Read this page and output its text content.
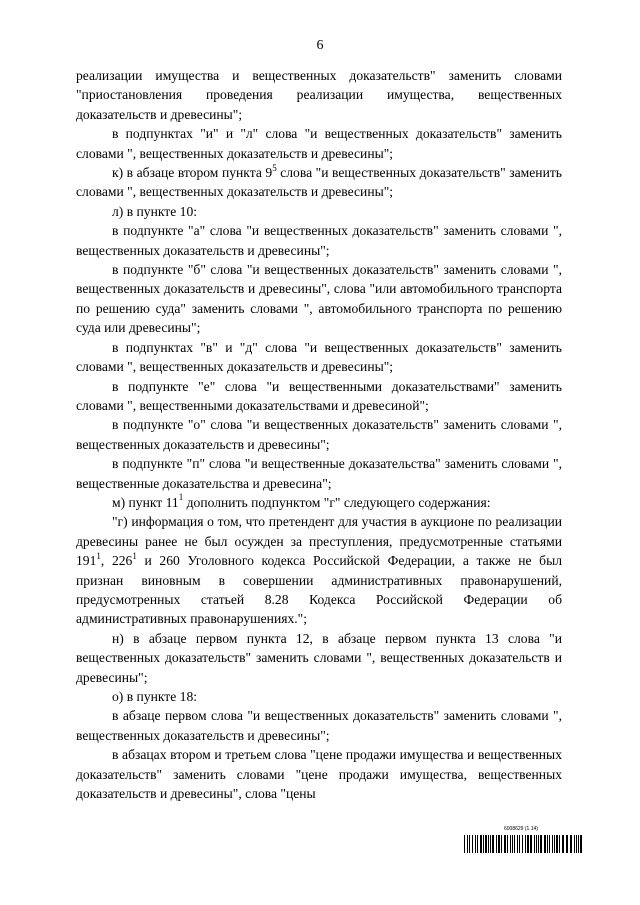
6

реализации имущества и вещественных доказательств" заменить словами "приостановления проведения реализации имущества, вещественных доказательств и древесины";

в подпунктах "и" и "л" слова "и вещественных доказательств" заменить словами ", вещественных доказательств и древесины";

к) в абзаце втором пункта $9^5$ слова "и вещественных доказательств" заменить словами ", вещественных доказательств и древесины";

л) в пункте 10:

в подпункте "а" слова "и вещественных доказательств" заменить словами ", вещественных доказательств и древесины";

в подпункте "б" слова "и вещественных доказательств" заменить словами ", вещественных доказательств и древесины", слова "или автомобильного транспорта по решению суда" заменить словами ", автомобильного транспорта по решению суда или древесины";

в подпунктах "в" и "д" слова "и вещественных доказательств" заменить словами ", вещественных доказательств и древесины";

в подпункте "е" слова "и вещественными доказательствами" заменить словами ", вещественными доказательствами и древесиной";

в подпункте "о" слова "и вещественных доказательств" заменить словами ", вещественных доказательств и древесины";

в подпункте "п" слова "и вещественные доказательства" заменить словами ", вещественные доказательства и древесина";

м) пункт $11^1$ дополнить подпунктом "г" следующего содержания:

"г) информация о том, что претендент для участия в аукционе по реализации древесины ранее не был осужден за преступления, предусмотренные статьями $191^1$, $226^1$ и 260 Уголовного кодекса Российской Федерации, а также не был признан виновным в совершении административных правонарушений, предусмотренных статьей 8.28 Кодекса Российской Федерации об административных правонарушениях.";

н) в абзаце первом пункта 12, в абзаце первом пункта 13 слова "и вещественных доказательств" заменить словами ", вещественных доказательств и древесины";

о) в пункте 18:

в абзаце первом слова "и вещественных доказательств" заменить словами ", вещественных доказательств и древесины";

в абзацах втором и третьем слова "цене продажи имущества и вещественных доказательств" заменить словами "цене продажи имущества, вещественных доказательств и древесины", слова "цены

6008629 (1.14)
